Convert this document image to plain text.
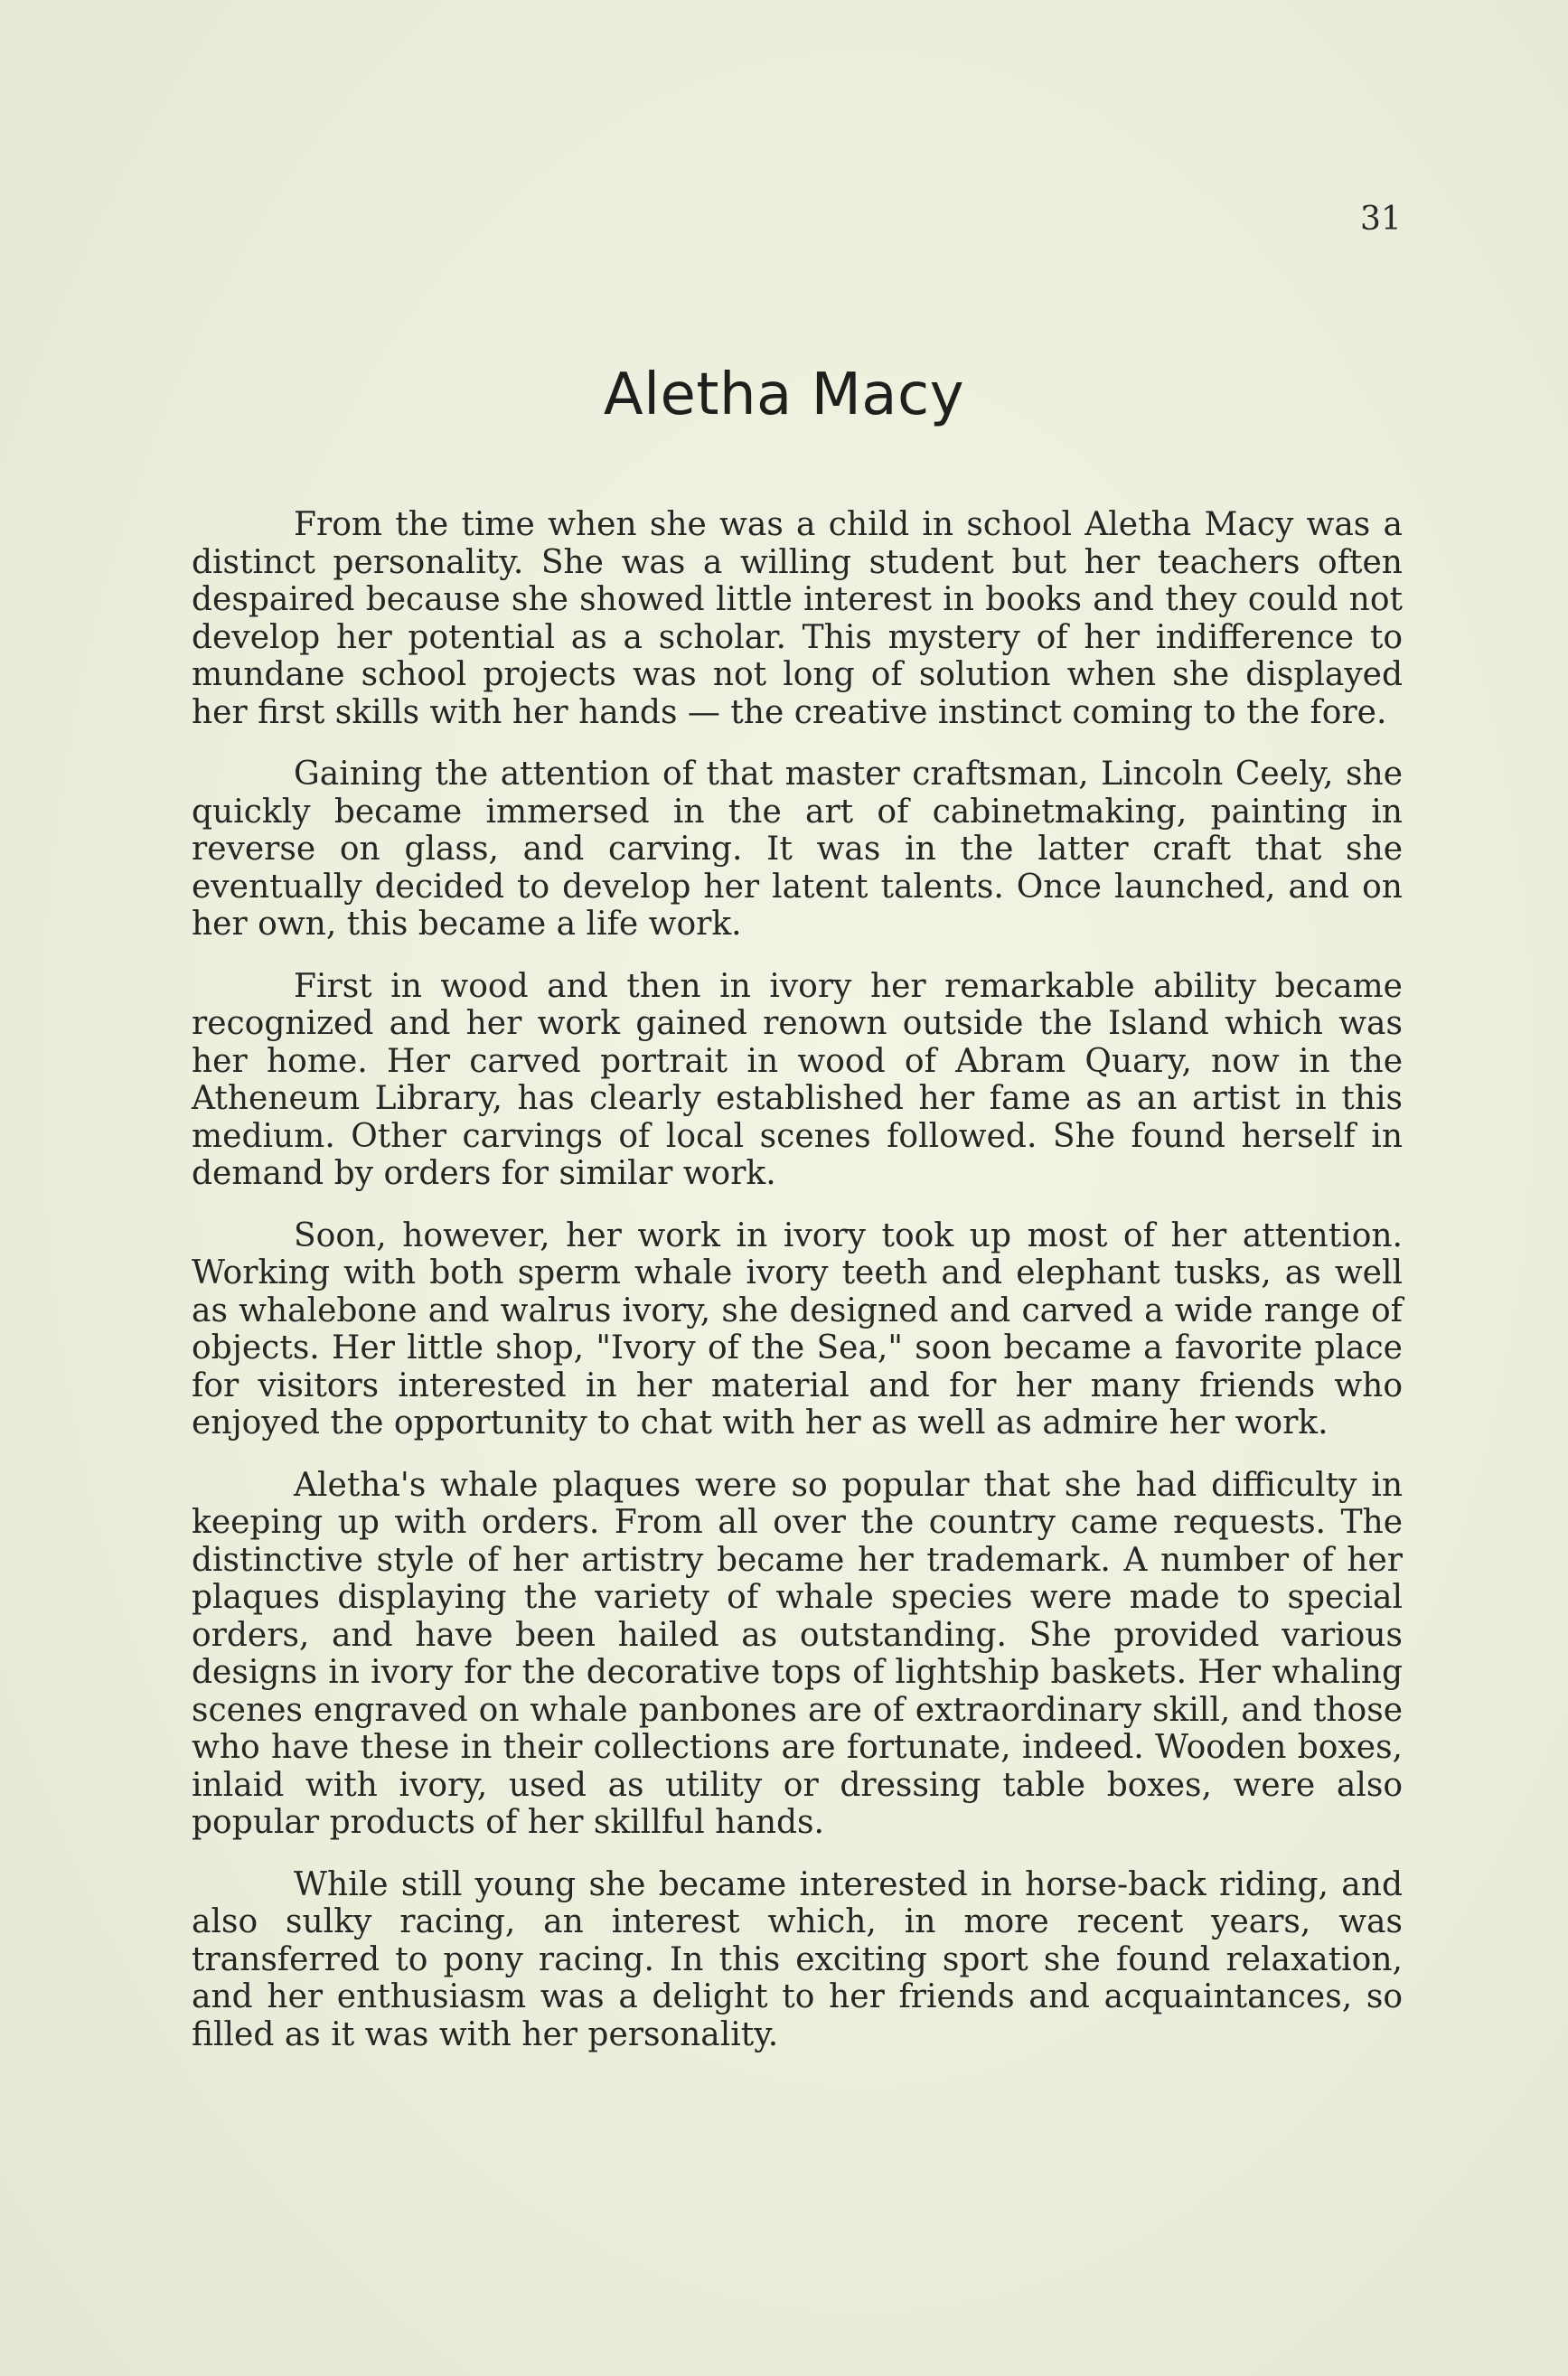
31
Aletha Macy

From the time when she was a child in school Aletha Macy was a distinct personality. She was a willing student but her teachers often despaired because she showed little interest in books and they could not develop her potential as a scholar. This mystery of her indifference to mundane school projects was not long of solution when she displayed her first skills with her hands — the creative instinct coming to the fore.

Gaining the attention of that master craftsman, Lincoln Ceely, she quickly became immersed in the art of cabinetmaking, painting in reverse on glass, and carving. It was in the latter craft that she eventually decided to develop her latent talents. Once launched, and on her own, this became a life work.

First in wood and then in ivory her remarkable ability became recognized and her work gained renown outside the Island which was her home. Her carved portrait in wood of Abram Quary, now in the Atheneum Library, has clearly established her fame as an artist in this medium. Other carvings of local scenes followed. She found herself in demand by orders for similar work.

Soon, however, her work in ivory took up most of her attention. Working with both sperm whale ivory teeth and elephant tusks, as well as whalebone and walrus ivory, she designed and carved a wide range of objects. Her little shop, "Ivory of the Sea," soon became a favorite place for visitors interested in her material and for her many friends who enjoyed the opportunity to chat with her as well as admire her work.

Aletha's whale plaques were so popular that she had difficulty in keeping up with orders. From all over the country came requests. The distinctive style of her artistry became her trademark. A number of her plaques displaying the variety of whale species were made to special orders, and have been hailed as outstanding. She provided various designs in ivory for the decorative tops of lightship baskets. Her whaling scenes engraved on whale panbones are of extraordinary skill, and those who have these in their collections are fortunate, indeed. Wooden boxes, inlaid with ivory, used as utility or dressing table boxes, were also popular products of her skillful hands.

While still young she became interested in horse-back riding, and also sulky racing, an interest which, in more recent years, was transferred to pony racing. In this exciting sport she found relaxation, and her enthusiasm was a delight to her friends and acquaintances, so filled as it was with her personality.
